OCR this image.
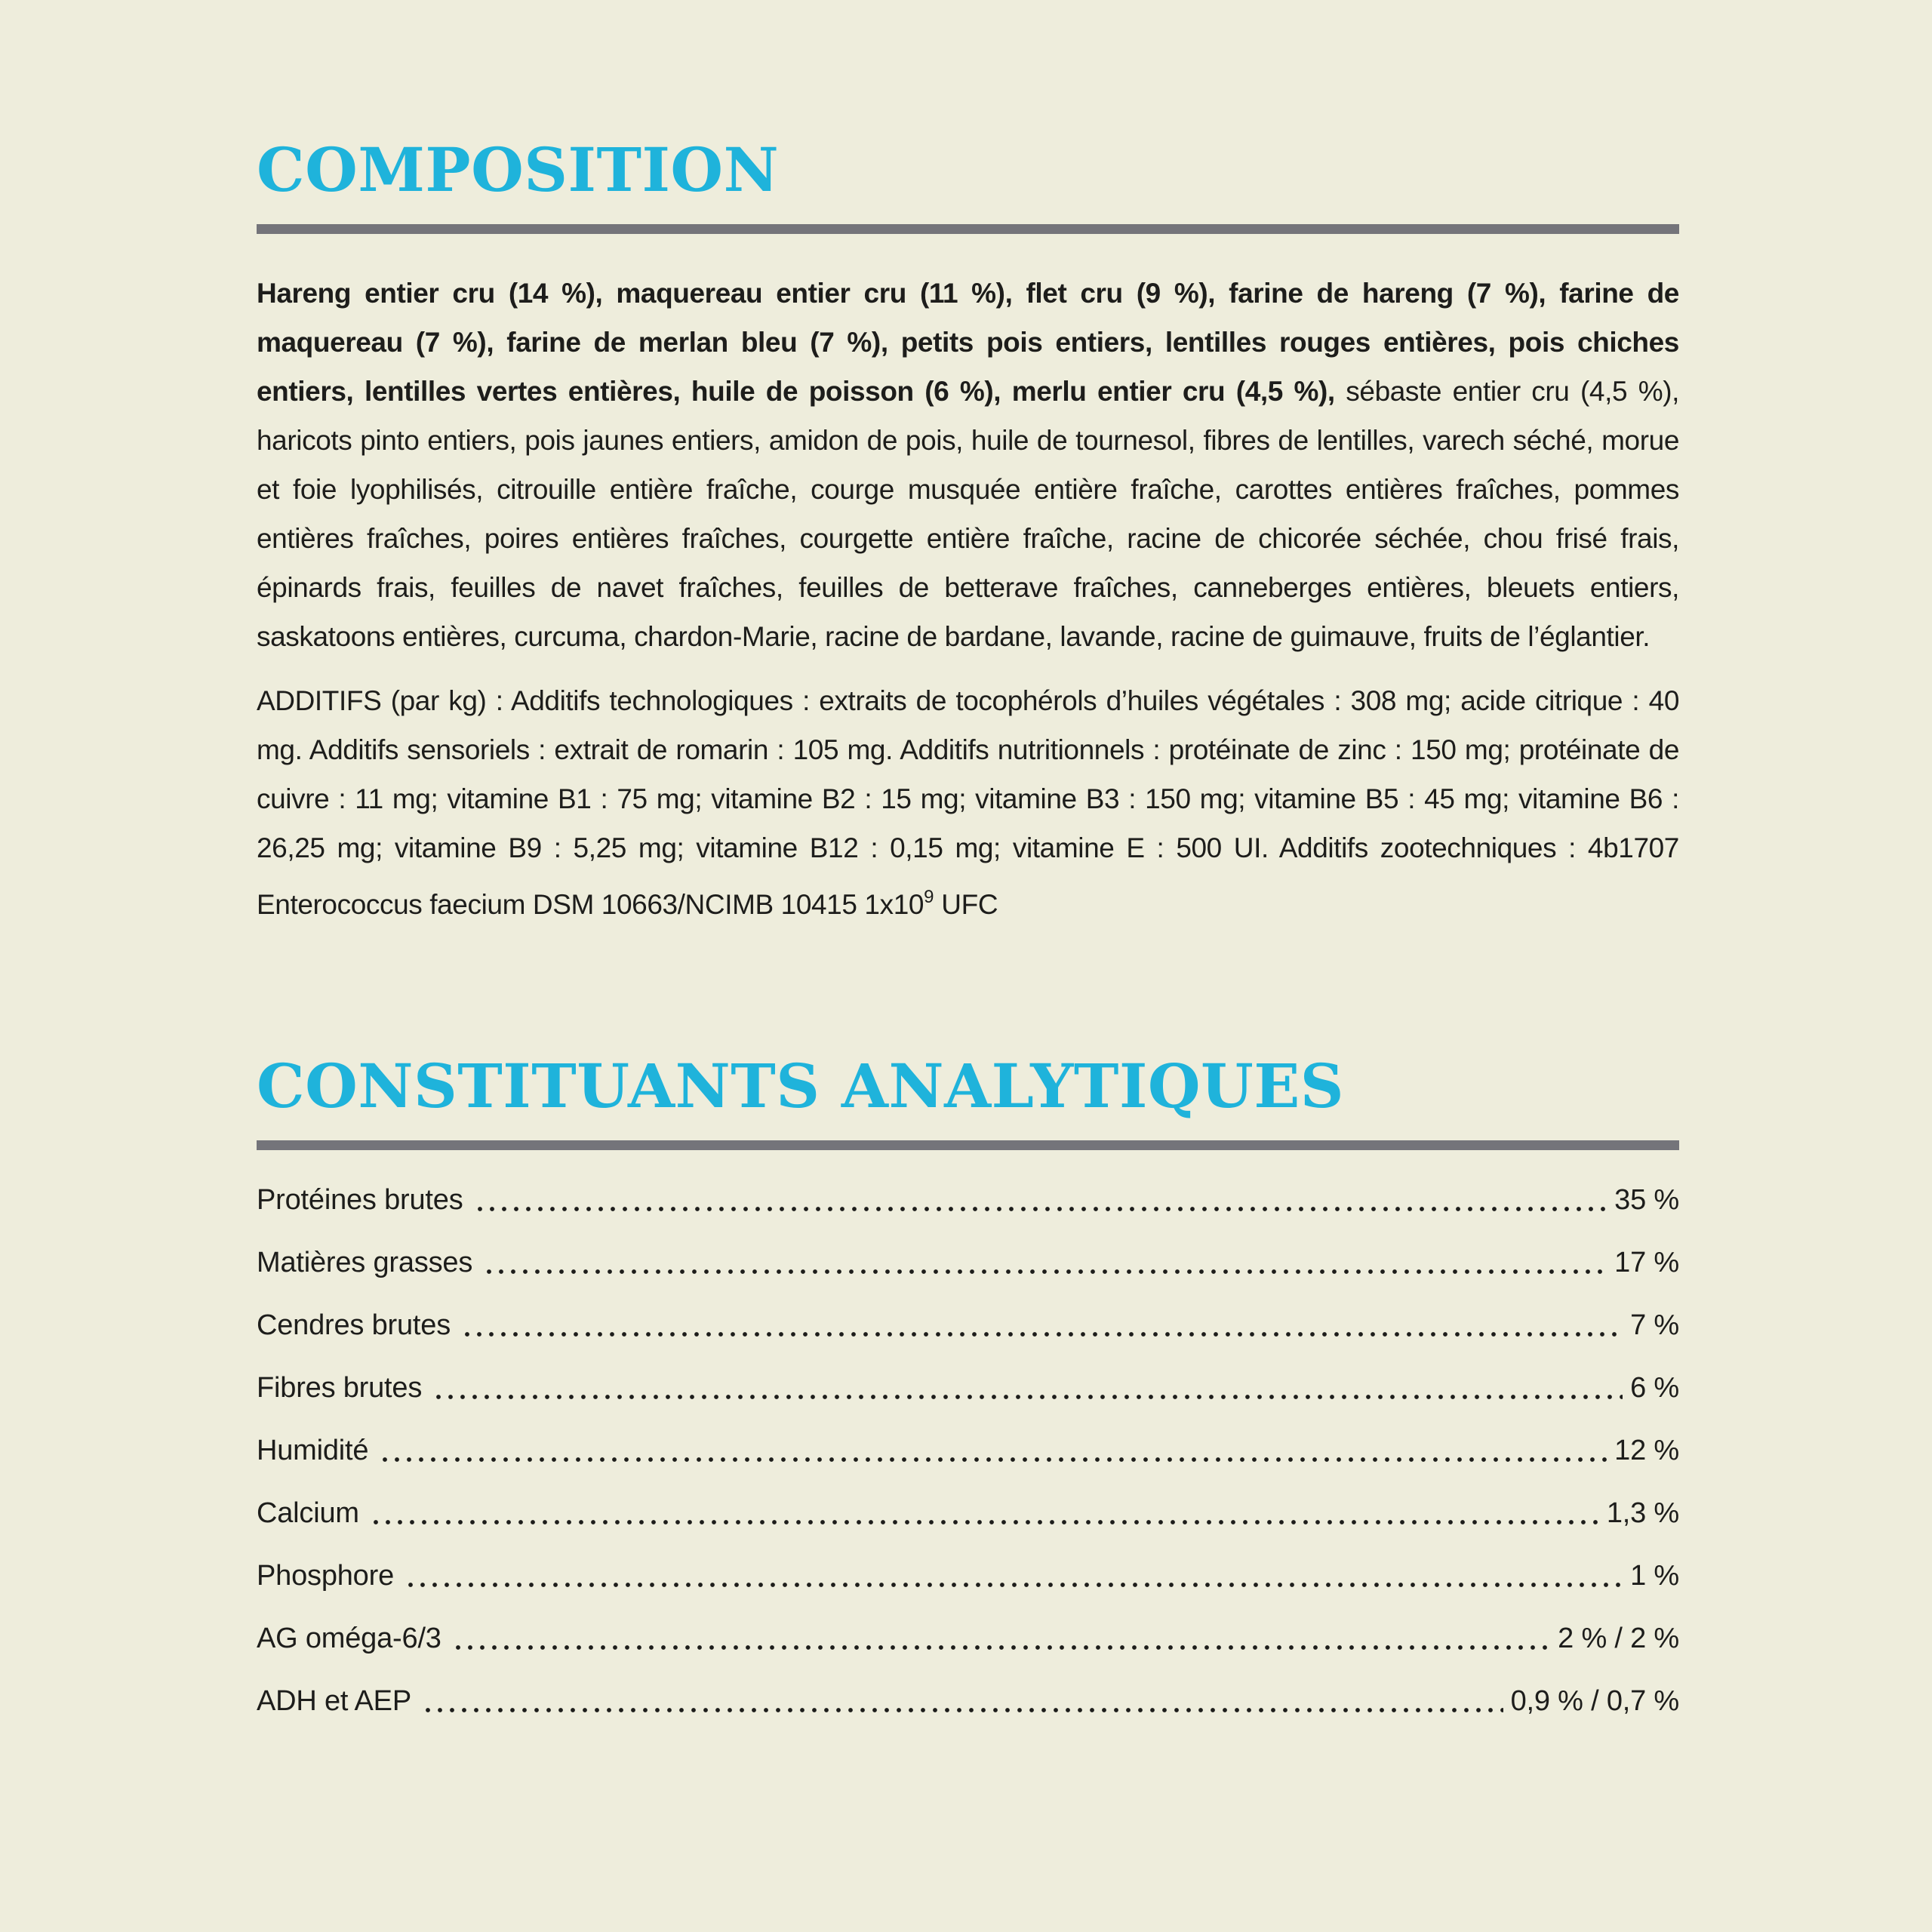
COMPOSITION

Hareng entier cru (14 %), maquereau entier cru (11 %), flet cru (9 %), farine de hareng (7 %), farine de maquereau (7 %), farine de merlan bleu (7 %), petits pois entiers, lentilles rouges entières, pois chiches entiers, lentilles vertes entières, huile de poisson (6 %), merlu entier cru (4,5 %), sébaste entier cru (4,5 %), haricots pinto entiers, pois jaunes entiers, amidon de pois, huile de tournesol, fibres de lentilles, varech séché, morue et foie lyophilisés, citrouille entière fraîche, courge musquée entière fraîche, carottes entières fraîches, pommes entières fraîches, poires entières fraîches, courgette entière fraîche, racine de chicorée séchée, chou frisé frais, épinards frais, feuilles de navet fraîches, feuilles de betterave fraîches, canneberges entières, bleuets entiers, saskatoons entières, curcuma, chardon-Marie, racine de bardane, lavande, racine de guimauve, fruits de l’églantier.

ADDITIFS (par kg) : Additifs technologiques : extraits de tocophérols d’huiles végétales : 308 mg; acide citrique : 40 mg. Additifs sensoriels : extrait de romarin : 105 mg. Additifs nutritionnels : protéinate de zinc : 150 mg; protéinate de cuivre : 11 mg; vitamine B1 : 75 mg; vitamine B2 : 15 mg; vitamine B3 : 150 mg; vitamine B5 : 45 mg; vitamine B6 : 26,25 mg; vitamine B9 : 5,25 mg; vitamine B12 : 0,15 mg; vitamine E : 500 UI. Additifs zootechniques : 4b1707 Enterococcus faecium DSM 10663/NCIMB 10415 $1x10^9$ UFC

CONSTITUANTS ANALYTIQUES
Protéines brutes	35 %
Matières grasses	17 %
Cendres brutes	7 %
Fibres brutes	6 %
Humidité	12 %
Calcium	1,3 %
Phosphore	1 %
AG oméga-6/3	2 % / 2 %
ADH et AEP	0,9 % / 0,7 %
